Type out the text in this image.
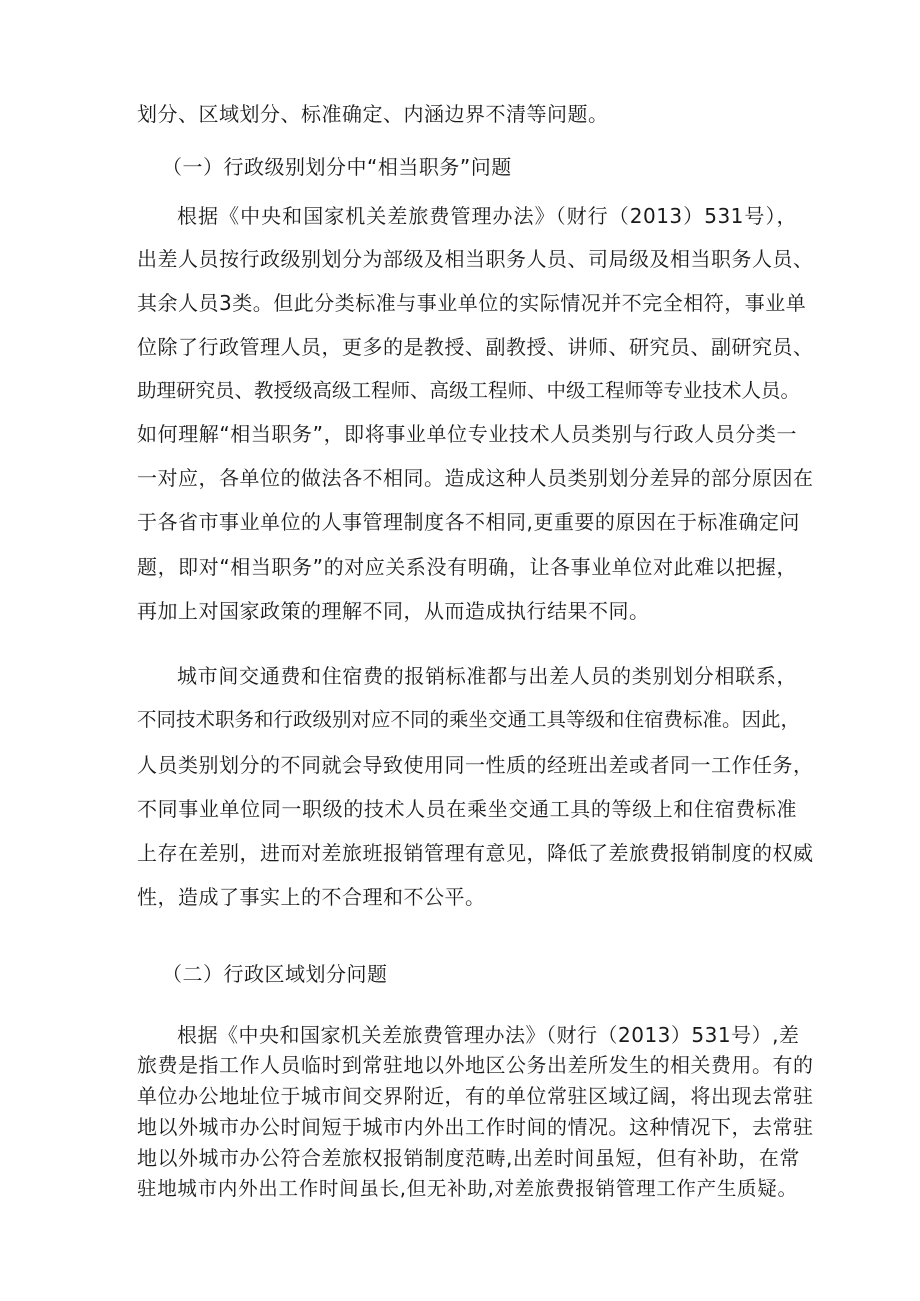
划分、区域划分、标准确定、内涵边界不清等问题。
（一）行政级别划分中“相当职务”问题
根据《中央和国家机关差旅费管理办法》（财行（2013）531号），
出差人员按行政级别划分为部级及相当职务人员、司局级及相当职务人员、
其余人员3类。但此分类标准与事业单位的实际情况并不完全相符，事业单
位除了行政管理人员，更多的是教授、副教授、讲师、研究员、副研究员、
助理研究员、教授级高级工程师、高级工程师、中级工程师等专业技术人员。
如何理解“相当职务”，即将事业单位专业技术人员类别与行政人员分类一
一对应，各单位的做法各不相同。造成这种人员类别划分差异的部分原因在
于各省市事业单位的人事管理制度各不相同,更重要的原因在于标准确定问
题，即对“相当职务”的对应关系没有明确，让各事业单位对此难以把握，
再加上对国家政策的理解不同，从而造成执行结果不同。
城市间交通费和住宿费的报销标准都与出差人员的类别划分相联系，
不同技术职务和行政级别对应不同的乘坐交通工具等级和住宿费标准。因此，
人员类别划分的不同就会导致使用同一性质的经班出差或者同一工作任务，
不同事业单位同一职级的技术人员在乘坐交通工具的等级上和住宿费标准
上存在差别，进而对差旅班报销管理有意见，降低了差旅费报销制度的权威
性，造成了事实上的不合理和不公平。
（二）行政区域划分问题
根据《中央和国家机关差旅费管理办法》（财行（2013）531号）,差
旅费是指工作人员临时到常驻地以外地区公务出差所发生的相关费用。有的
单位办公地址位于城市间交界附近，有的单位常驻区域辽阔，将出现去常驻
地以外城市办公时间短于城市内外出工作时间的情况。这种情况下，去常驻
地以外城市办公符合差旅权报销制度范畴,出差时间虽短，但有补助，在常
驻地城市内外出工作时间虽长,但无补助,对差旅费报销管理工作产生质疑。
